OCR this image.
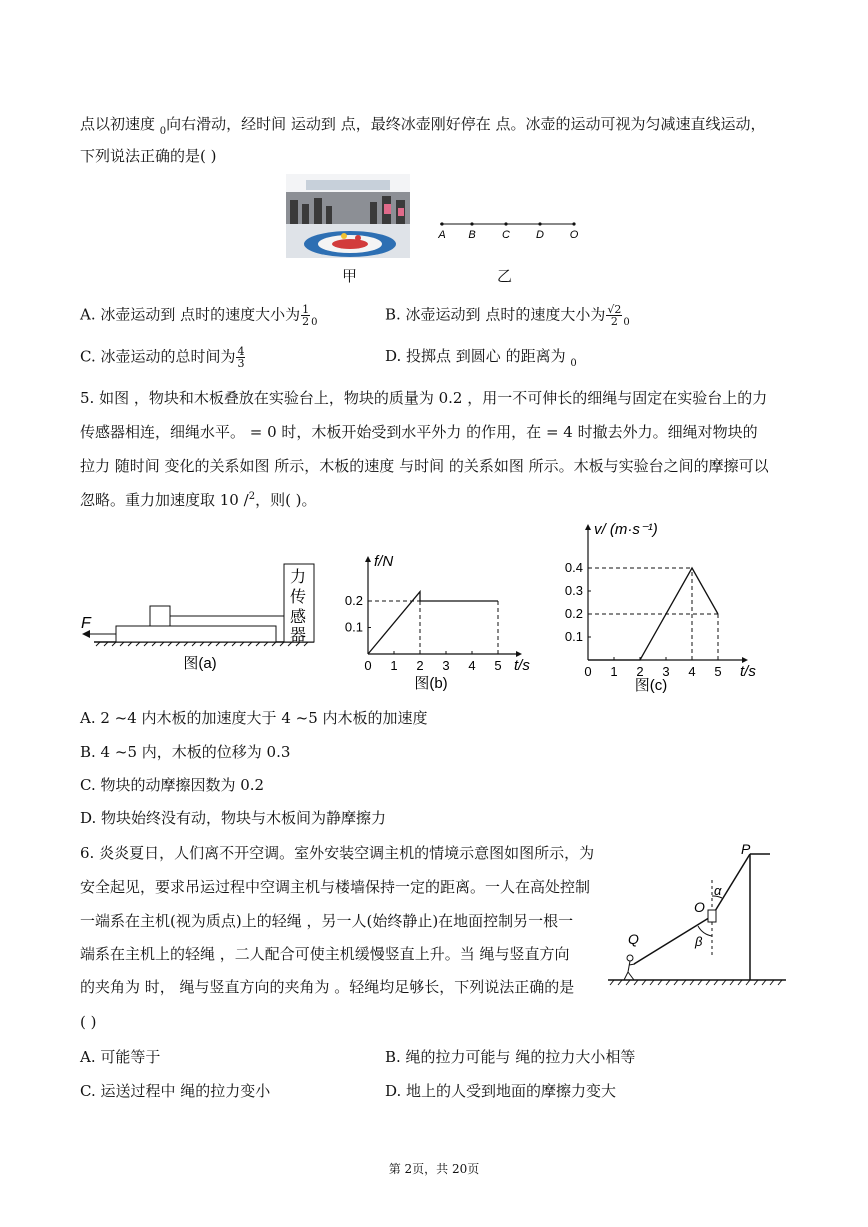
点以初速度 $_0$向右滑动，经时间 运动到 点，最终冰壶刚好停在 点。冰壶的运动可视为匀减速直线运动，
下列说法正确的是( )
甲
A B C D O
乙
A. 冰壶运动到 点时的速度大小为 $\frac{1}{2} _0$	B. 冰壶运动到 点时的速度大小为 $\frac{√2}{2} _0$
C. 冰壶运动的总时间为 $\frac{4}{3}$	D. 投掷点 到圆心 的距离为 $_0$
5. 如图 ，物块和木板叠放在实验台上，物块的质量为 0.2 ，用一不可伸长的细绳与固定在实验台上的力
传感器相连，细绳水平。 = 0 时，木板开始受到水平外力 的作用，在 = 4 时撤去外力。细绳对物块的
拉力 随时间 变化的关系如图 所示，木板的速度 与时间 的关系如图 所示。木板与实验台之间的摩擦可以
忽略。重力加速度取 10 /$^2$，则( )。
F
力
传
感
器
图(a)	0 1 2 3 4 5
0.2
0.1
f/N
t/s
图(b)
0 1 2 3 4 5
0.4
0.3
0.2
0.1
v/ (m·s⁻¹)
t/s
图(c)
A. 2 ~4 内木板的加速度大于 4 ~5 内木板的加速度
B. 4 ~5 内，木板的位移为 0.3
C. 物块的动摩擦因数为 0.2
D. 物块始终没有动，物块与木板间为静摩擦力
6. 炎炎夏日，人们离不开空调。室外安装空调主机的情境示意图如图所示，为
安全起见，要求吊运过程中空调主机与楼墙保持一定的距离。一人在高处控制
一端系在主机(视为质点)上的轻绳 ，另一人(始终静止)在地面控制另一根一
端系在主机上的轻绳 ，二人配合可使主机缓慢竖直上升。当 绳与竖直方向
的夹角为 时， 绳与竖直方向的夹角为 。轻绳均足够长，下列说法正确的是
( )
P
O
Q
α
β
A. 可能等于	B. 绳的拉力可能与 绳的拉力大小相等
C. 运送过程中 绳的拉力变小	D. 地上的人受到地面的摩擦力变大
第 2页，共 20页
